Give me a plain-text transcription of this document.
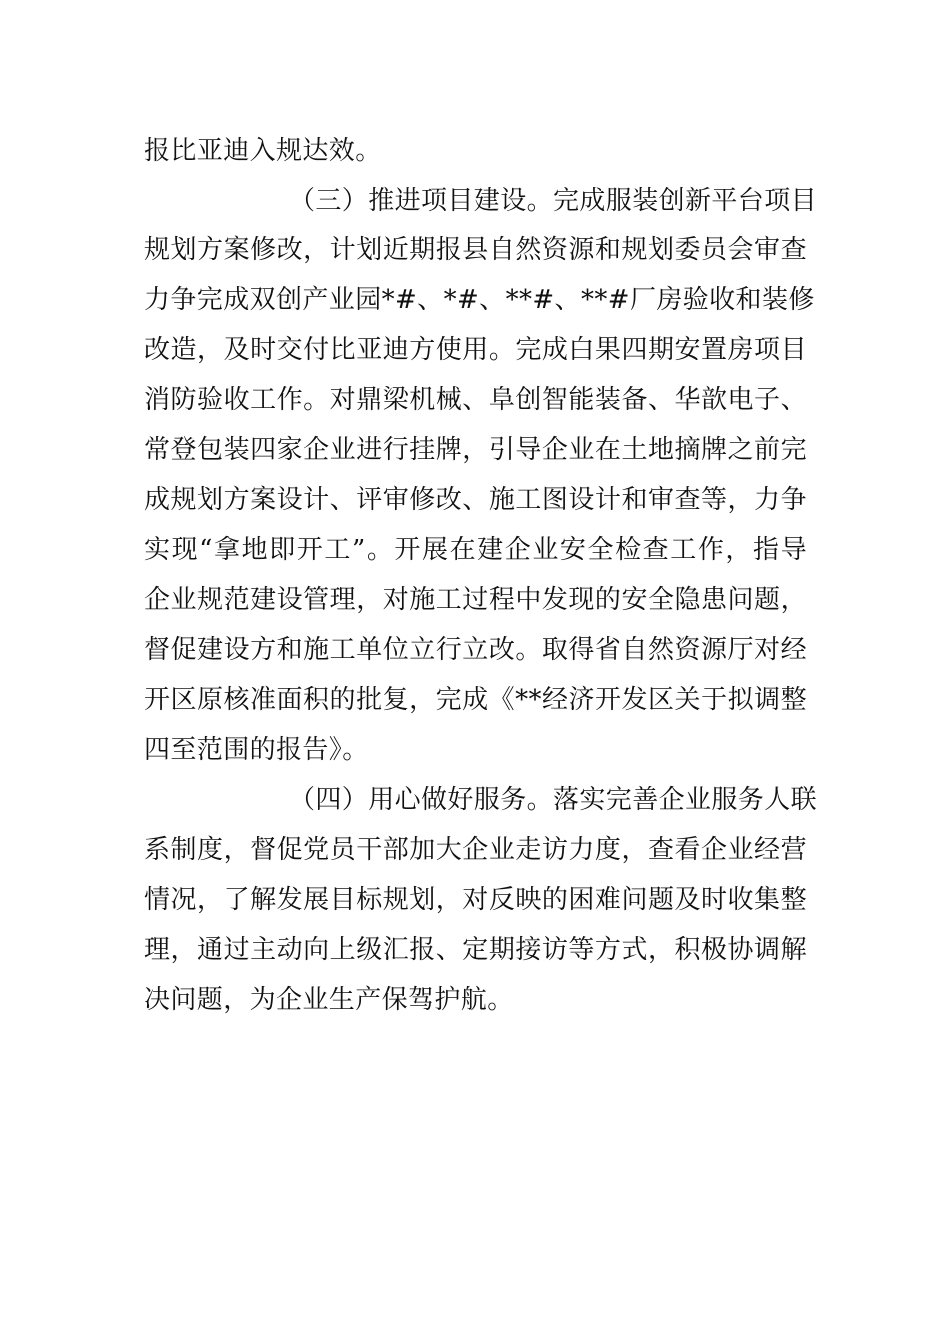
报比亚迪入规达效。
（三）推进项目建设。完成服装创新平台项目
规划方案修改，计划近期报县自然资源和规划委员会审查
力争完成双创产业园*#、*#、**#、**#厂房验收和装修
改造，及时交付比亚迪方使用。完成白果四期安置房项目
消防验收工作。对鼎梁机械、阜创智能装备、华歆电子、
常登包装四家企业进行挂牌，引导企业在土地摘牌之前完
成规划方案设计、评审修改、施工图设计和审查等，力争
实现“拿地即开工”。开展在建企业安全检查工作，指导
企业规范建设管理，对施工过程中发现的安全隐患问题，
督促建设方和施工单位立行立改。取得省自然资源厅对经
开区原核准面积的批复，完成《**经济开发区关于拟调整
四至范围的报告》。
（四）用心做好服务。落实完善企业服务人联
系制度，督促党员干部加大企业走访力度，查看企业经营
情况，了解发展目标规划，对反映的困难问题及时收集整
理，通过主动向上级汇报、定期接访等方式，积极协调解
决问题，为企业生产保驾护航。
